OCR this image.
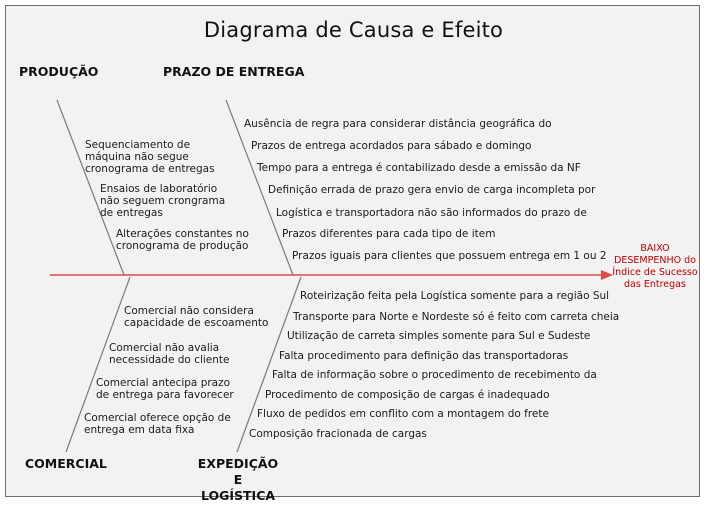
Diagrama de Causa e Efeito
PRODUÇÃO	PRAZO DE ENTREGA
COMERCIAL	EXPEDIÇÃO E
LOGÍSTICA
Sequenciamento de
máquina não segue
cronograma de entregas
Ensaios de laboratório
não seguem crongrama
de entregas
Alterações constantes no
cronograma de produção
Ausência de regra para considerar distância geográfica do
Prazos de entrega acordados para sábado e domingo
Tempo para a entrega é contabilizado desde a emissão da NF
Definição errada de prazo gera envio de carga incompleta por
Logística e transportadora não são informados do prazo de
Prazos diferentes para cada tipo de item
Prazos iguais para clientes que possuem entrega em 1 ou 2
Comercial não considera
capacidade de escoamento
Comercial não avalia
necessidade do cliente
Comercial antecipa prazo
de entrega para favorecer
Comercial oferece opção de
entrega em data fixa
Roteirização feita pela Logística somente para a região Sul
Transporte para Norte e Nordeste só é feito com carreta cheia
Utilização de carreta simples somente para Sul e Sudeste
Falta procedimento para definição das transportadoras
Falta de informação sobre o procedimento de recebimento da
Procedimento de composição de cargas é inadequado
Fluxo de pedidos em conflito com a montagem do frete
Composição fracionada de cargas
BAIXO
DESEMPENHO do
Índice de Sucesso
das Entregas
